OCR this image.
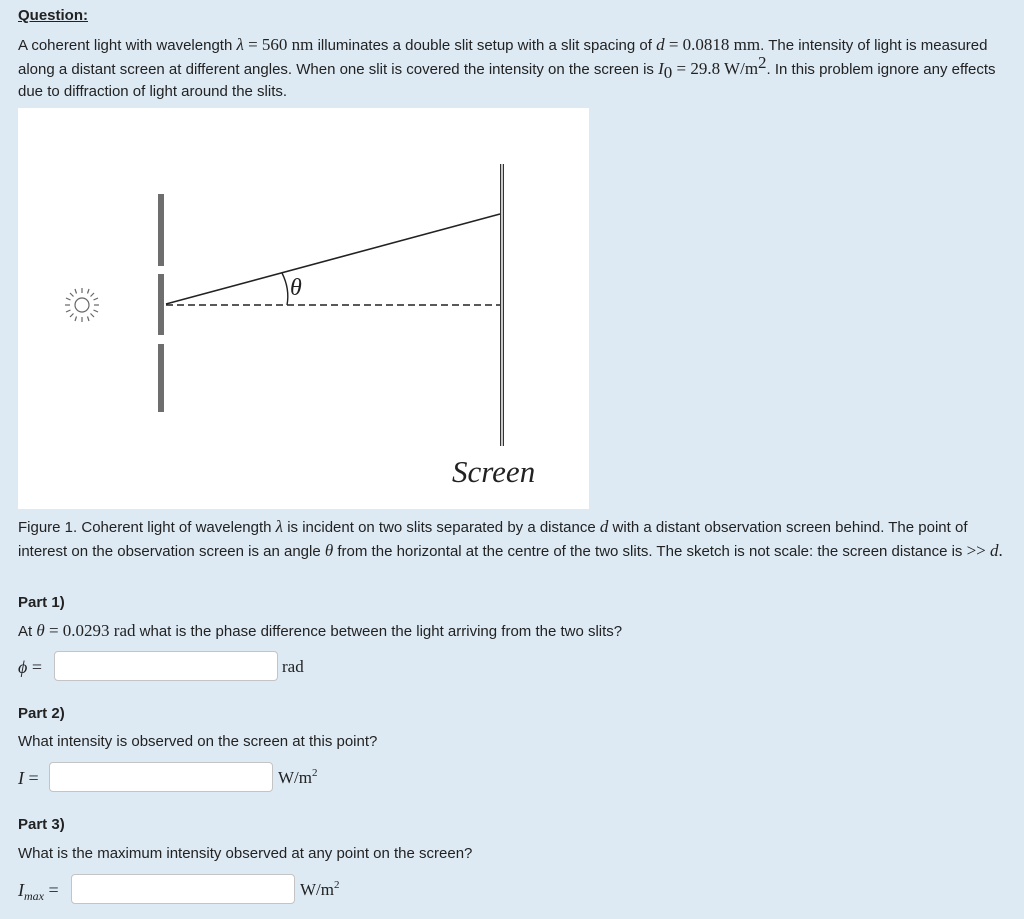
Question:
A coherent light with wavelength λ = 560 nm illuminates a double slit setup with a slit spacing of d = 0.0818 mm. The intensity of light is measured along a distant screen at different angles. When one slit is covered the intensity on the screen is $I_0 = 29.8$ $W/m^2$. In this problem ignore any effects due to diffraction of light around the slits.
θ
Screen
Figure 1. Coherent light of wavelength λ is incident on two slits separated by a distance d with a distant observation screen behind. The point of interest on the observation screen is an angle θ from the horizontal at the centre of the two slits. The sketch is not scale: the screen distance is >> d.
Part 1)
At θ = 0.0293 rad what is the phase difference between the light arriving from the two slits?
ϕ =	rad
Part 2)
What intensity is observed on the screen at this point?
I =	$W/m^2$
Part 3)
What is the maximum intensity observed at any point on the screen?
$I_{max}$ =	$W/m^2$
